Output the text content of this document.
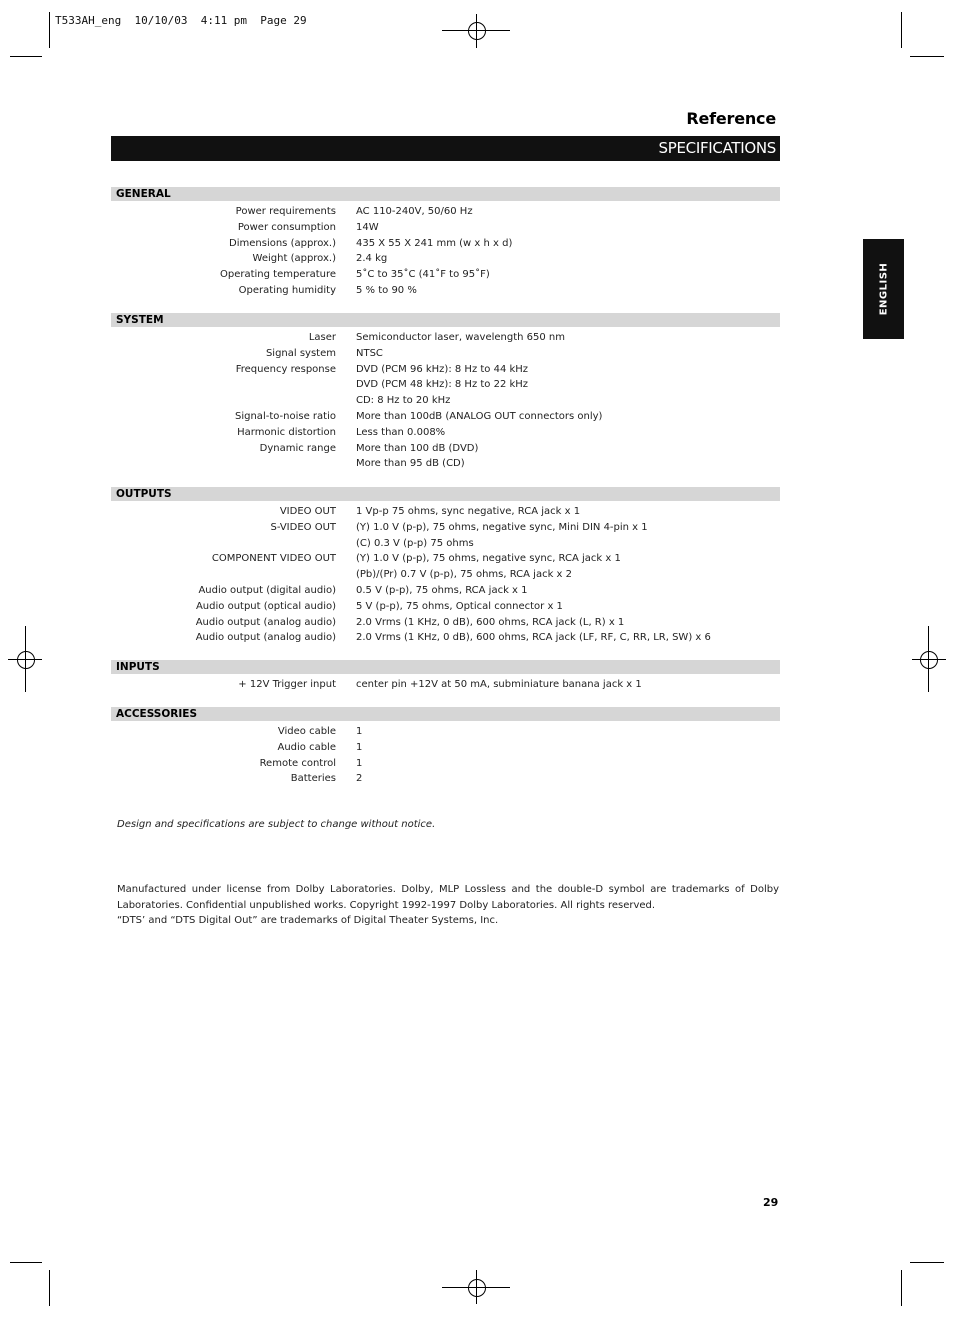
T533AH_eng  10/10/03  4:11 pm  Page 29
Reference
SPECIFICATIONS
ENGLISH
GENERAL
Power requirements AC 110-240V, 50/60 Hz
Power consumption 14W
Dimensions (approx.) 435 X 55 X 241 mm (w x h x d)
Weight (approx.) 2.4 kg
Operating temperature 5˚C to 35˚C (41˚F to 95˚F)
Operating humidity 5 % to 90 %
SYSTEM
Laser Semiconductor laser, wavelength 650 nm
Signal system NTSC
Frequency response DVD (PCM 96 kHz): 8 Hz to 44 kHz
DVD (PCM 48 kHz): 8 Hz to 22 kHz
CD: 8 Hz to 20 kHz
Signal-to-noise ratio More than 100dB (ANALOG OUT connectors only)
Harmonic distortion Less than 0.008%
Dynamic range More than 100 dB (DVD)
More than 95 dB (CD)
OUTPUTS
VIDEO OUT 1 Vp-p 75 ohms, sync negative, RCA jack x 1
S-VIDEO OUT (Y) 1.0 V (p-p), 75 ohms, negative sync, Mini DIN 4-pin x 1
(C) 0.3 V (p-p) 75 ohms
COMPONENT VIDEO OUT (Y) 1.0 V (p-p), 75 ohms, negative sync, RCA jack x 1
(Pb)/(Pr) 0.7 V (p-p), 75 ohms, RCA jack x 2
Audio output (digital audio) 0.5 V (p-p), 75 ohms, RCA jack x 1
Audio output (optical audio) 5 V (p-p), 75 ohms, Optical connector x 1
Audio output (analog audio) 2.0 Vrms (1 KHz, 0 dB), 600 ohms, RCA jack (L, R) x 1
Audio output (analog audio) 2.0 Vrms (1 KHz, 0 dB), 600 ohms, RCA jack (LF, RF, C, RR, LR, SW) x 6
INPUTS
+ 12V Trigger input center pin +12V at 50 mA, subminiature banana jack x 1
ACCESSORIES
Video cable 1
Audio cable 1
Remote control 1
Batteries 2
Design and specifications are subject to change without notice.

Manufactured under license from Dolby Laboratories. Dolby, MLP Lossless and the double-D symbol are trademarks of Dolby Laboratories. Confidential unpublished works. Copyright 1992-1997 Dolby Laboratories. All rights reserved.

“DTS’ and “DTS Digital Out” are trademarks of Digital Theater Systems, Inc.

29
